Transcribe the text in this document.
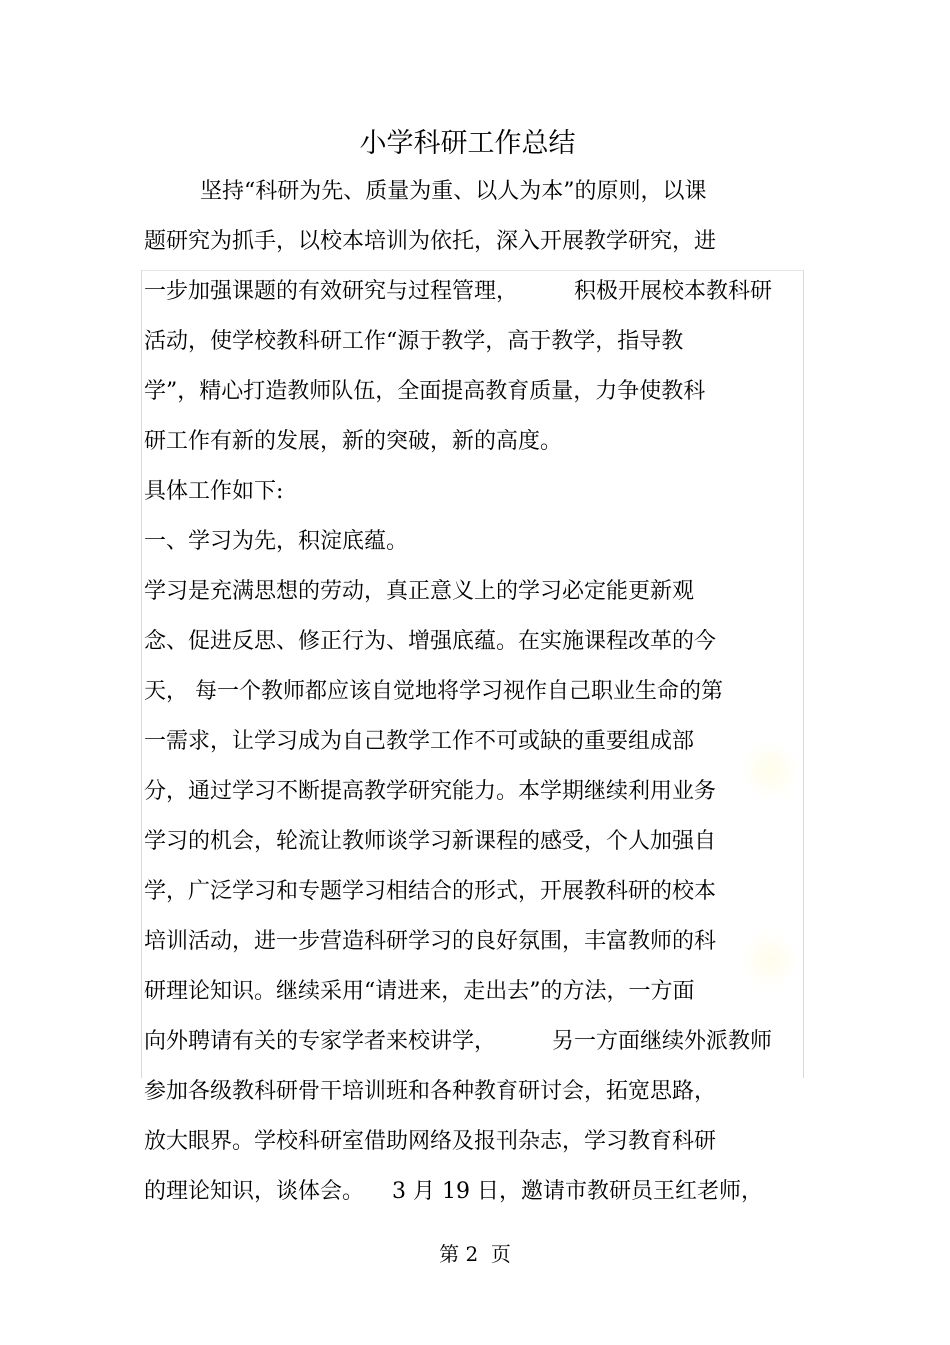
小学科研工作总结
坚持“科研为先、质量为重、以人为本”的原则，以课
题研究为抓手，以校本培训为依托，深入开展教学研究，进
一步加强课题的有效研究与过程管理，        积极开展校本教科研
活动，使学校教科研工作“源于教学，高于教学，指导教
学”，精心打造教师队伍，全面提高教育质量，力争使教科
研工作有新的发展，新的突破，新的高度。
具体工作如下:
一、学习为先，积淀底蕴。
学习是充满思想的劳动，真正意义上的学习必定能更新观
念、促进反思、修正行为、增强底蕴。在实施课程改革的今
天， 每一个教师都应该自觉地将学习视作自己职业生命的第
一需求，让学习成为自己教学工作不可或缺的重要组成部
分，通过学习不断提高教学研究能力。本学期继续利用业务
学习的机会，轮流让教师谈学习新课程的感受，个人加强自
学，广泛学习和专题学习相结合的形式，开展教科研的校本
培训活动，进一步营造科研学习的良好氛围，丰富教师的科
研理论知识。继续采用“请进来，走出去”的方法，一方面
向外聘请有关的专家学者来校讲学，        另一方面继续外派教师
参加各级教科研骨干培训班和各种教育研讨会，拓宽思路，
放大眼界。学校科研室借助网络及报刊杂志，学习教育科研
的理论知识，谈体会。    3 月 19 日，邀请市教研员王红老师，
第 2  页
